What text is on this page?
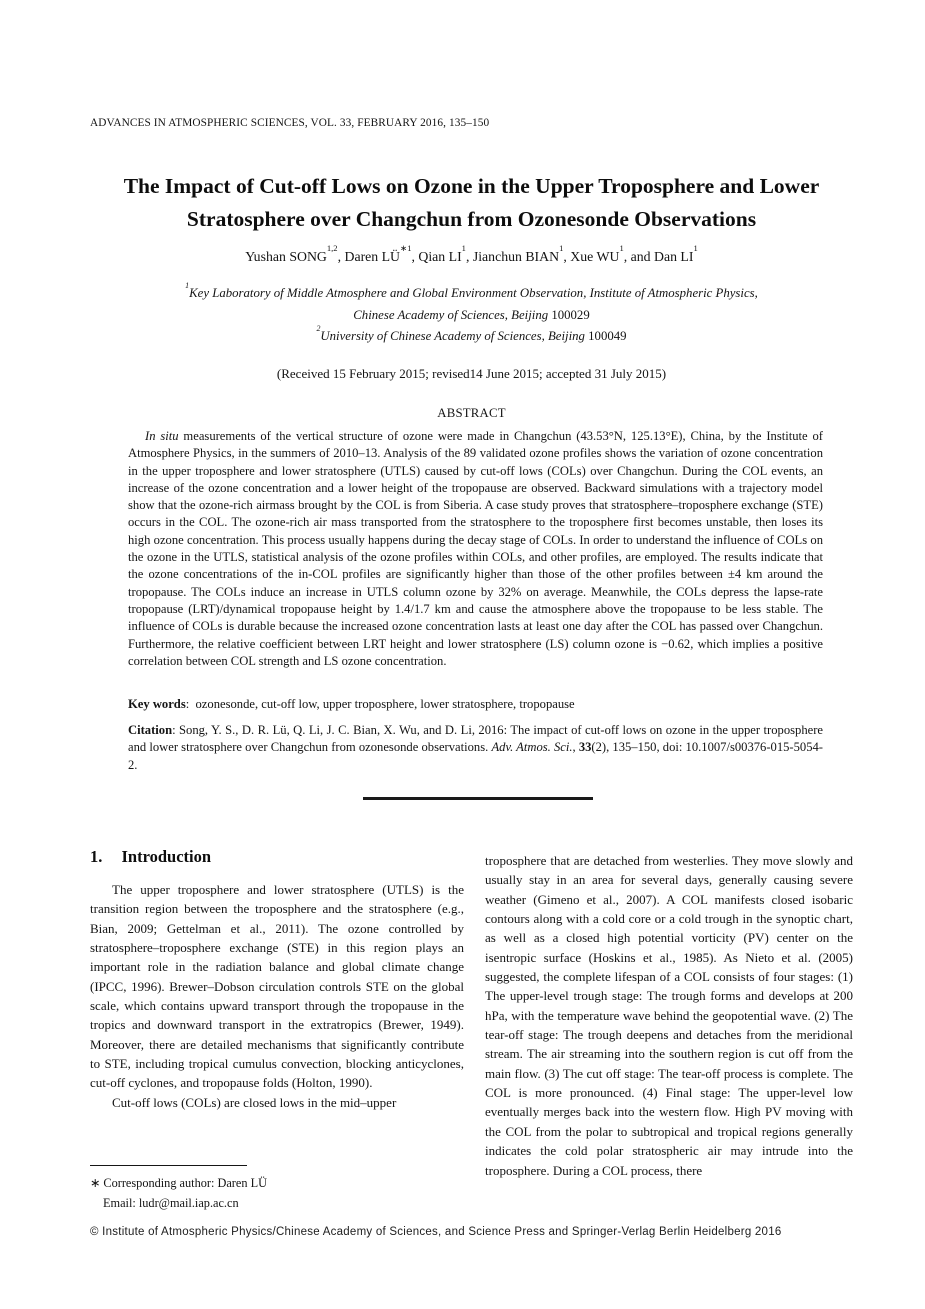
ADVANCES IN ATMOSPHERIC SCIENCES, VOL. 33, FEBRUARY 2016, 135–150
The Impact of Cut-off Lows on Ozone in the Upper Troposphere and Lower
Stratosphere over Changchun from Ozonesonde Observations
Yushan SONG$^{1,2}$, Daren $LÜ^{∗1}$, Qian $LI^1$, Jianchun BIAN$^1$, Xue $WU^1$, and Dan $LI^1$
$^1$Key Laboratory of Middle Atmosphere and Global Environment Observation, Institute of Atmospheric Physics,
Chinese Academy of Sciences, Beijing 100029
$^2$University of Chinese Academy of Sciences, Beijing 100049
(Received 15 February 2015; revised14 June 2015; accepted 31 July 2015)
ABSTRACT
In situ measurements of the vertical structure of ozone were made in Changchun (43.53°N, 125.13°E), China, by the Institute of Atmosphere Physics, in the summers of 2010–13. Analysis of the 89 validated ozone profiles shows the variation of ozone concentration in the upper troposphere and lower stratosphere (UTLS) caused by cut-off lows (COLs) over Changchun. During the COL events, an increase of the ozone concentration and a lower height of the tropopause are observed. Backward simulations with a trajectory model show that the ozone-rich airmass brought by the COL is from Siberia. A case study proves that stratosphere–troposphere exchange (STE) occurs in the COL. The ozone-rich air mass transported from the stratosphere to the troposphere first becomes unstable, then loses its high ozone concentration. This process usually happens during the decay stage of COLs. In order to understand the influence of COLs on the ozone in the UTLS, statistical analysis of the ozone profiles within COLs, and other profiles, are employed. The results indicate that the ozone concentrations of the in-COL profiles are significantly higher than those of the other profiles between ±4 km around the tropopause. The COLs induce an increase in UTLS column ozone by 32% on average. Meanwhile, the COLs depress the lapse-rate tropopause (LRT)/dynamical tropopause height by 1.4/1.7 km and cause the atmosphere above the tropopause to be less stable. The influence of COLs is durable because the increased ozone concentration lasts at least one day after the COL has passed over Changchun. Furthermore, the relative coefficient between LRT height and lower stratosphere (LS) column ozone is −0.62, which implies a positive correlation between COL strength and LS ozone concentration.
Key words: ozonesonde, cut-off low, upper troposphere, lower stratosphere, tropopause
Citation: Song, Y. S., D. R. Lü, Q. Li, J. C. Bian, X. Wu, and D. Li, 2016: The impact of cut-off lows on ozone in the upper troposphere and lower stratosphere over Changchun from ozonesonde observations. Adv. Atmos. Sci., 33(2), 135–150, doi: 10.1007/s00376-015-5054-2.
1. Introduction

The upper troposphere and lower stratosphere (UTLS) is the transition region between the troposphere and the stratosphere (e.g., Bian, 2009; Gettelman et al., 2011). The ozone controlled by stratosphere–troposphere exchange (STE) in this region plays an important role in the radiation balance and global climate change (IPCC, 1996). Brewer–Dobson circulation controls STE on the global scale, which contains upward transport through the tropopause in the tropics and downward transport in the extratropics (Brewer, 1949). Moreover, there are detailed mechanisms that significantly contribute to STE, including tropical cumulus convection, blocking anticyclones, cut-off cyclones, and tropopause folds (Holton, 1990).

Cut-off lows (COLs) are closed lows in the mid–upper

troposphere that are detached from westerlies. They move slowly and usually stay in an area for several days, generally causing severe weather (Gimeno et al., 2007). A COL manifests closed isobaric contours along with a cold core or a cold trough in the synoptic chart, as well as a closed high potential vorticity (PV) center on the isentropic surface (Hoskins et al., 1985). As Nieto et al. (2005) suggested, the complete lifespan of a COL consists of four stages: (1) The upper-level trough stage: The trough forms and develops at 200 hPa, with the temperature wave behind the geopotential wave. (2) The tear-off stage: The trough deepens and detaches from the meridional stream. The air streaming into the southern region is cut off from the main flow. (3) The cut off stage: The tear-off process is complete. The COL is more pronounced. (4) Final stage: The upper-level low eventually merges back into the western flow. High PV moving with the COL from the polar to subtropical and tropical regions generally indicates the cold polar stratospheric air may intrude into the troposphere. During a COL process, there

∗ Corresponding author: Daren LÜ
Email: ludr@mail.iap.ac.cn
© Institute of Atmospheric Physics/Chinese Academy of Sciences, and Science Press and Springer-Verlag Berlin Heidelberg 2016
